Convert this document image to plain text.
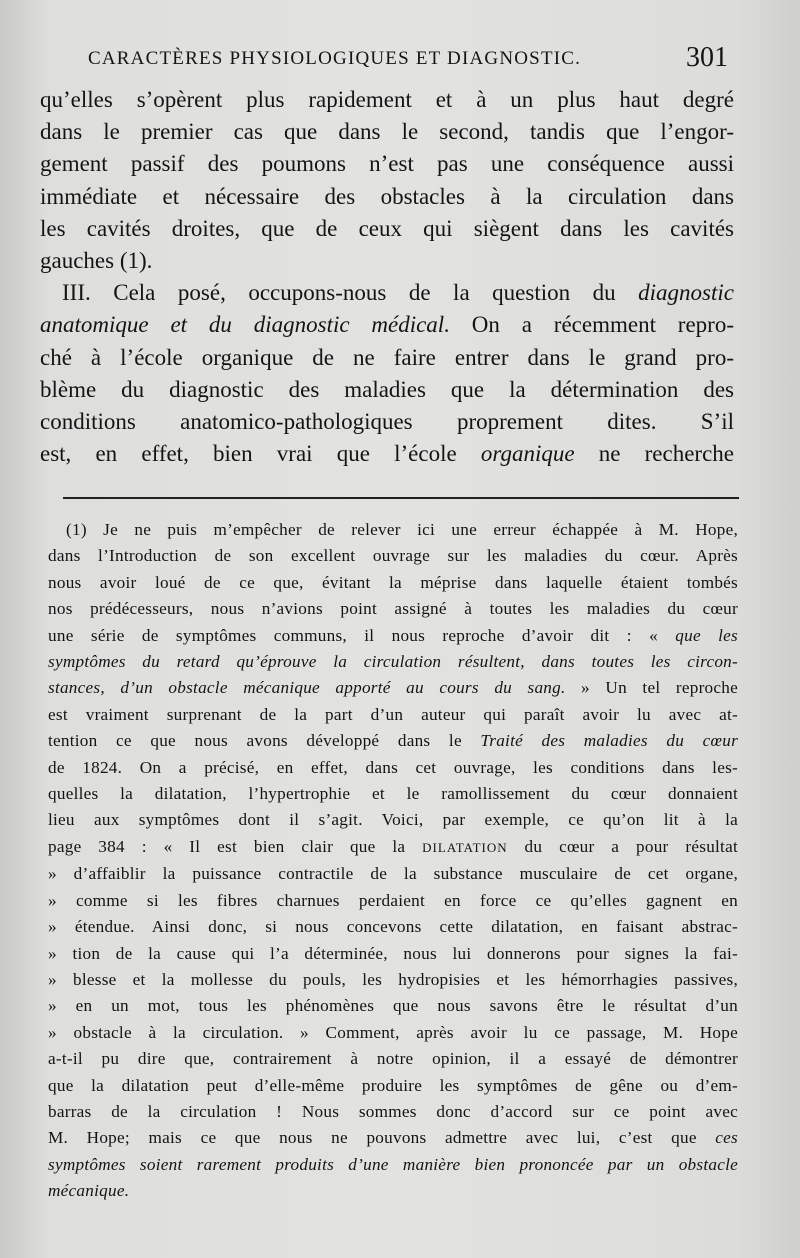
CARACTÈRES PHYSIOLOGIQUES ET DIAGNOSTIC.	301

qu’elles s’opèrent plus rapidement et à un plus haut degré
dans le premier cas que dans le second, tandis que l’engor-
gement passif des poumons n’est pas une conséquence aussi
immédiate et nécessaire des obstacles à la circulation dans
les cavités droites, que de ceux qui siègent dans les cavités
gauches (1).

III. Cela posé, occupons-nous de la question du diagnostic
anatomique et du diagnostic médical. On a récemment repro-
ché à l’école organique de ne faire entrer dans le grand pro-
blème du diagnostic des maladies que la détermination des
conditions anatomico-pathologiques proprement dites. S’il
est, en effet, bien vrai que l’école organique ne recherche

(1) Je ne puis m’empêcher de relever ici une erreur échappée à M. Hope,
dans l’Introduction de son excellent ouvrage sur les maladies du cœur. Après
nous avoir loué de ce que, évitant la méprise dans laquelle étaient tombés
nos prédécesseurs, nous n’avions point assigné à toutes les maladies du cœur
une série de symptômes communs, il nous reproche d’avoir dit : « que les
symptômes du retard qu’éprouve la circulation résultent, dans toutes les circon-
stances, d’un obstacle mécanique apporté au cours du sang. » Un tel reproche
est vraiment surprenant de la part d’un auteur qui paraît avoir lu avec at-
tention ce que nous avons développé dans le Traité des maladies du cœur
de 1824. On a précisé, en effet, dans cet ouvrage, les conditions dans les-
quelles la dilatation, l’hypertrophie et le ramollissement du cœur donnaient
lieu aux symptômes dont il s’agit. Voici, par exemple, ce qu’on lit à la
page 384 : « Il est bien clair que la DILATATION du cœur a pour résultat
» d’affaiblir la puissance contractile de la substance musculaire de cet organe,
» comme si les fibres charnues perdaient en force ce qu’elles gagnent en
» étendue. Ainsi donc, si nous concevons cette dilatation, en faisant abstrac-
» tion de la cause qui l’a déterminée, nous lui donnerons pour signes la fai-
» blesse et la mollesse du pouls, les hydropisies et les hémorrhagies passives,
» en un mot, tous les phénomènes que nous savons être le résultat d’un
» obstacle à la circulation. » Comment, après avoir lu ce passage, M. Hope
a-t-il pu dire que, contrairement à notre opinion, il a essayé de démontrer
que la dilatation peut d’elle-même produire les symptômes de gêne ou d’em-
barras de la circulation ! Nous sommes donc d’accord sur ce point avec
M. Hope; mais ce que nous ne pouvons admettre avec lui, c’est que ces
symptômes soient rarement produits d’une manière bien prononcée par un obstacle
mécanique.
